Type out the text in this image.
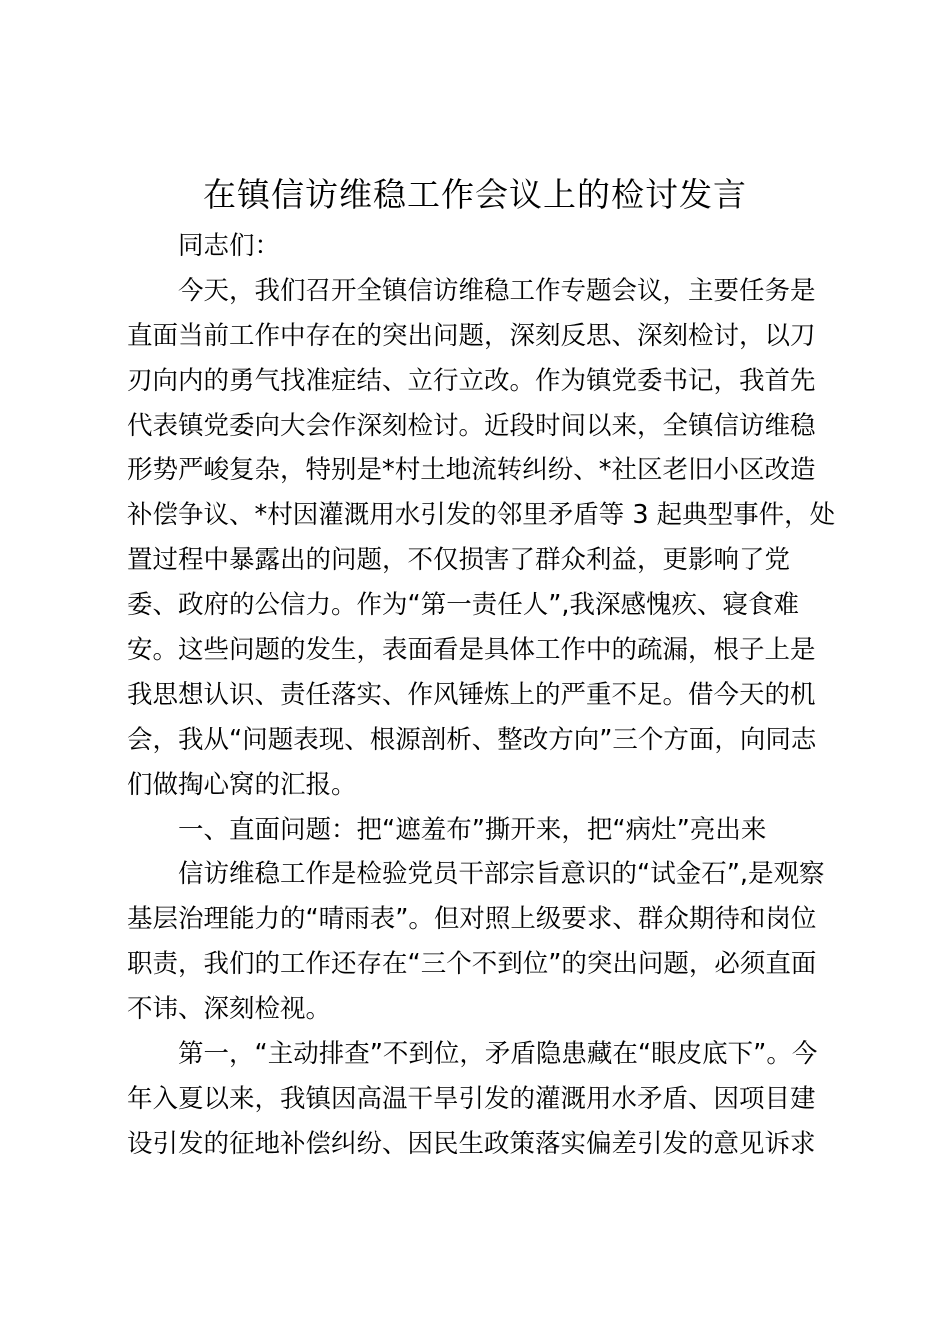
在镇信访维稳工作会议上的检讨发言
同志们：
今天，我们召开全镇信访维稳工作专题会议，主要任务是
直面当前工作中存在的突出问题，深刻反思、深刻检讨，以刀
刃向内的勇气找准症结、立行立改。作为镇党委书记，我首先
代表镇党委向大会作深刻检讨。近段时间以来，全镇信访维稳
形势严峻复杂，特别是*村土地流转纠纷、*社区老旧小区改造
补偿争议、*村因灌溉用水引发的邻里矛盾等 3 起典型事件，处
置过程中暴露出的问题，不仅损害了群众利益，更影响了党
委、政府的公信力。作为“第一责任人”,我深感愧疚、寝食难
安。这些问题的发生，表面看是具体工作中的疏漏，根子上是
我思想认识、责任落实、作风锤炼上的严重不足。借今天的机
会，我从“问题表现、根源剖析、整改方向”三个方面，向同志
们做掏心窝的汇报。
一、直面问题：把“遮羞布”撕开来，把“病灶”亮出来
信访维稳工作是检验党员干部宗旨意识的“试金石”,是观察
基层治理能力的“晴雨表”。但对照上级要求、群众期待和岗位
职责，我们的工作还存在“三个不到位”的突出问题，必须直面
不讳、深刻检视。
第一，“主动排查”不到位，矛盾隐患藏在“眼皮底下”。今
年入夏以来，我镇因高温干旱引发的灌溉用水矛盾、因项目建
设引发的征地补偿纠纷、因民生政策落实偏差引发的意见诉求
